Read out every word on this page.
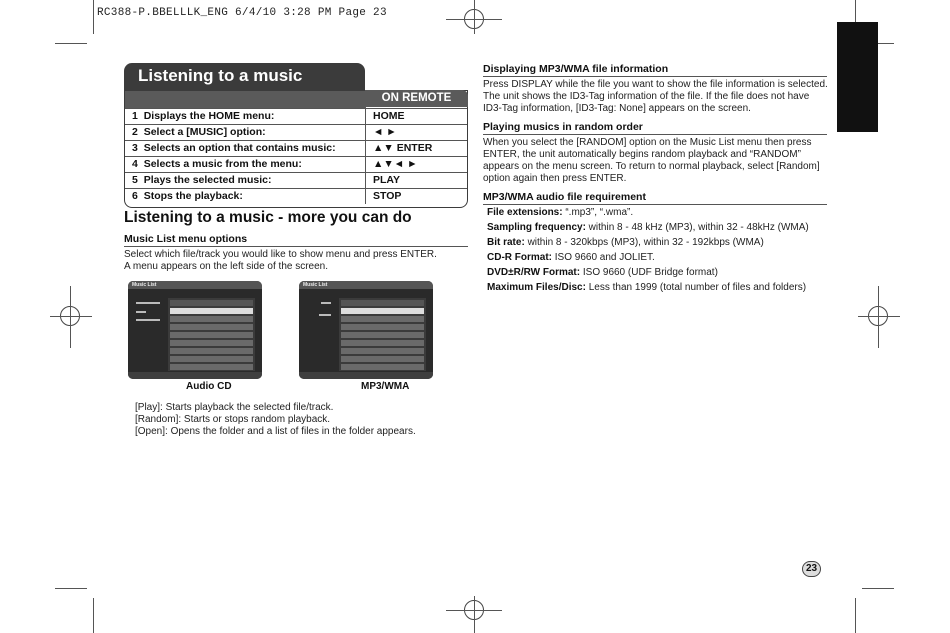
RC388-P.BBELLLK_ENG 6/4/10 3:28 PM Page 23
Listening to a music
1 Displays the HOME menu:	HOME
2 Select a [MUSIC] option:	◄ ►
3 Selects an option that contains music:	▲▼ ENTER
4 Selects a music from the menu:	▲▼◄ ►
5 Plays the selected music:	PLAY
6 Stops the playback:	STOP
ON REMOTE
Listening to a music - more you can do
Music List menu options
Select which file/track you would like to show menu and press ENTER.
A menu appears on the left side of the screen.
Music List	Music List
Audio CD	MP3/WMA
[Play]: Starts playback the selected file/track.
[Random]: Starts or stops random playback.
[Open]: Opens the folder and a list of files in the folder appears.
Displaying MP3/WMA file information
Press DISPLAY while the file you want to show the file information is selected.
The unit shows the ID3-Tag information of the file. If the file does not have
ID3-Tag information, [ID3-Tag: None] appears on the screen.
Playing musics in random order
When you select the [RANDOM] option on the Music List menu then press
ENTER, the unit automatically begins random playback and “RANDOM”
appears on the menu screen. To return to normal playback, select [Random]
option again then press ENTER.
MP3/WMA audio file requirement
File extensions: “.mp3”, “.wma”.
Sampling frequency: within 8 - 48 kHz (MP3), within 32 - 48kHz (WMA)
Bit rate: within 8 - 320kbps (MP3), within 32 - 192kbps (WMA)
CD-R Format: ISO 9660 and JOLIET.
DVD±R/RW Format: ISO 9660 (UDF Bridge format)
Maximum Files/Disc: Less than 1999 (total number of files and folders)
23
